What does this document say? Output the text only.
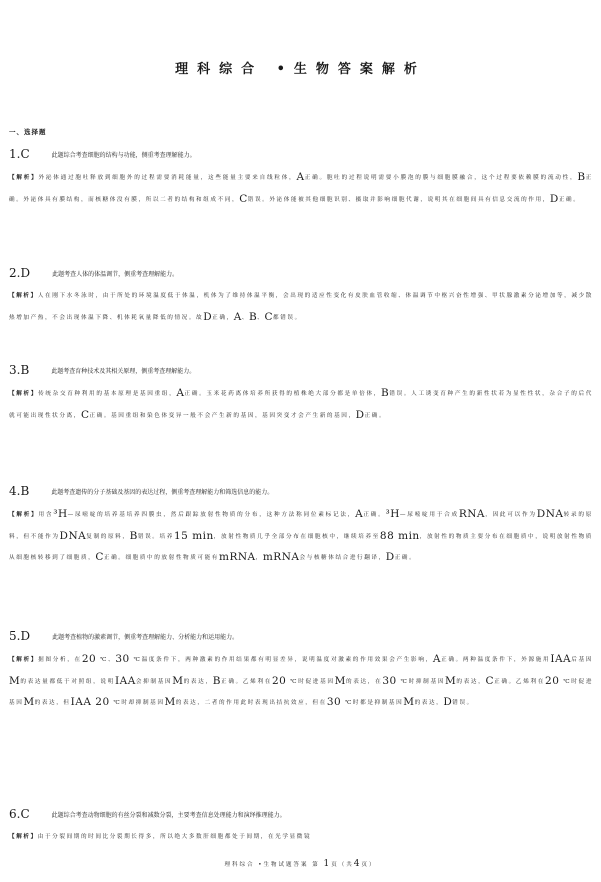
理科综合 •生物答案解析
一、选择题
1.C	此题综合考查细胞的结构与功能，侧重考查理解能力。
【解析】外泌体通过胞吐释放到细胞外的过程需要消耗能量，这些能量主要来自线粒体，A正确。胞吐的过程说明需要小膜泡的膜与细胞膜融合，这个过程要依赖膜的流动性，B正确。外泌体具有膜结构，而核糖体没有膜，所以二者的结构和组成不同，C错误。外泌体能被其他细胞识别、摄取并影响细胞代谢，说明其在细胞间具有信息交流的作用，D正确。
2.D	此题考查人体的体温调节，侧重考查理解能力。
【解析】人在刚下水冬泳时，由于所处的环境温度低于体温，机体为了维持体温平衡，会出现的适应性变化有皮肤血管收缩、体温调节中枢兴奋性增强、甲状腺激素分泌增加等，减少散热增加产热，不会出现体温下降、机体耗氧量降低的情况。故D正确，A、B、C都错误。
3.B	此题考查育种技术及其相关原理，侧重考查理解能力。
【解析】传统杂交育种利用的基本原理是基因重组，A正确。玉米花药离体培养所获得的植株绝大部分都是单倍体，B错误。人工诱变育种产生的新性状若为显性性状，杂合子的后代就可能出现性状分离，C正确。基因重组和染色体变异一般不会产生新的基因，基因突变才会产生新的基因，D正确。
4.B	此题考查遗传的分子基础及基因的表达过程，侧重考查理解能力和筛选信息的能力。
【解析】用含³H—尿嘧啶的培养基培养四膜虫，然后跟踪放射性物质的分布，这种方法称同位素标记法，A正确。³H—尿嘧啶用于合成RNA，因此可以作为DNA转录的原料，但不能作为DNA复制的原料，B错误。培养15 min，放射性物质几乎全部分布在细胞核中，继续培养至88 min，放射性的物质主要分布在细胞质中，说明放射性物质从细胞核转移到了细胞质，C正确。细胞质中的放射性物质可能有mRNA，mRNA会与核糖体结合进行翻译，D正确。
5.D	此题考查植物的激素调节，侧重考查理解能力、分析能力和运用能力。
【解析】据图分析，在20 ℃、30 ℃温度条件下，两种激素的作用结果都有明显差异，说明温度对激素的作用效果会产生影响，A正确。两种温度条件下，外源施用IAA后基因M的表达量都低于对照组，说明IAA会抑制基因M的表达，B正确。乙烯利在20 ℃时促进基因M的表达，在30 ℃时抑制基因M的表达，C正确。乙烯利在20 ℃时促进基因M的表达，但IAA 20 ℃时却抑制基因M的表达，二者的作用此时表现出拮抗效应，但在30 ℃时都是抑制基因M的表达，D错误。
6.C	此题综合考查动物细胞的有丝分裂和减数分裂，主要考查信息处理能力和演绎推理能力。
【解析】由于分裂间期的时间比分裂期长得多，所以绝大多数肝细胞都处于间期，在光学显微镜
理科综合 •生物试题答案 第 1页（共4页）
